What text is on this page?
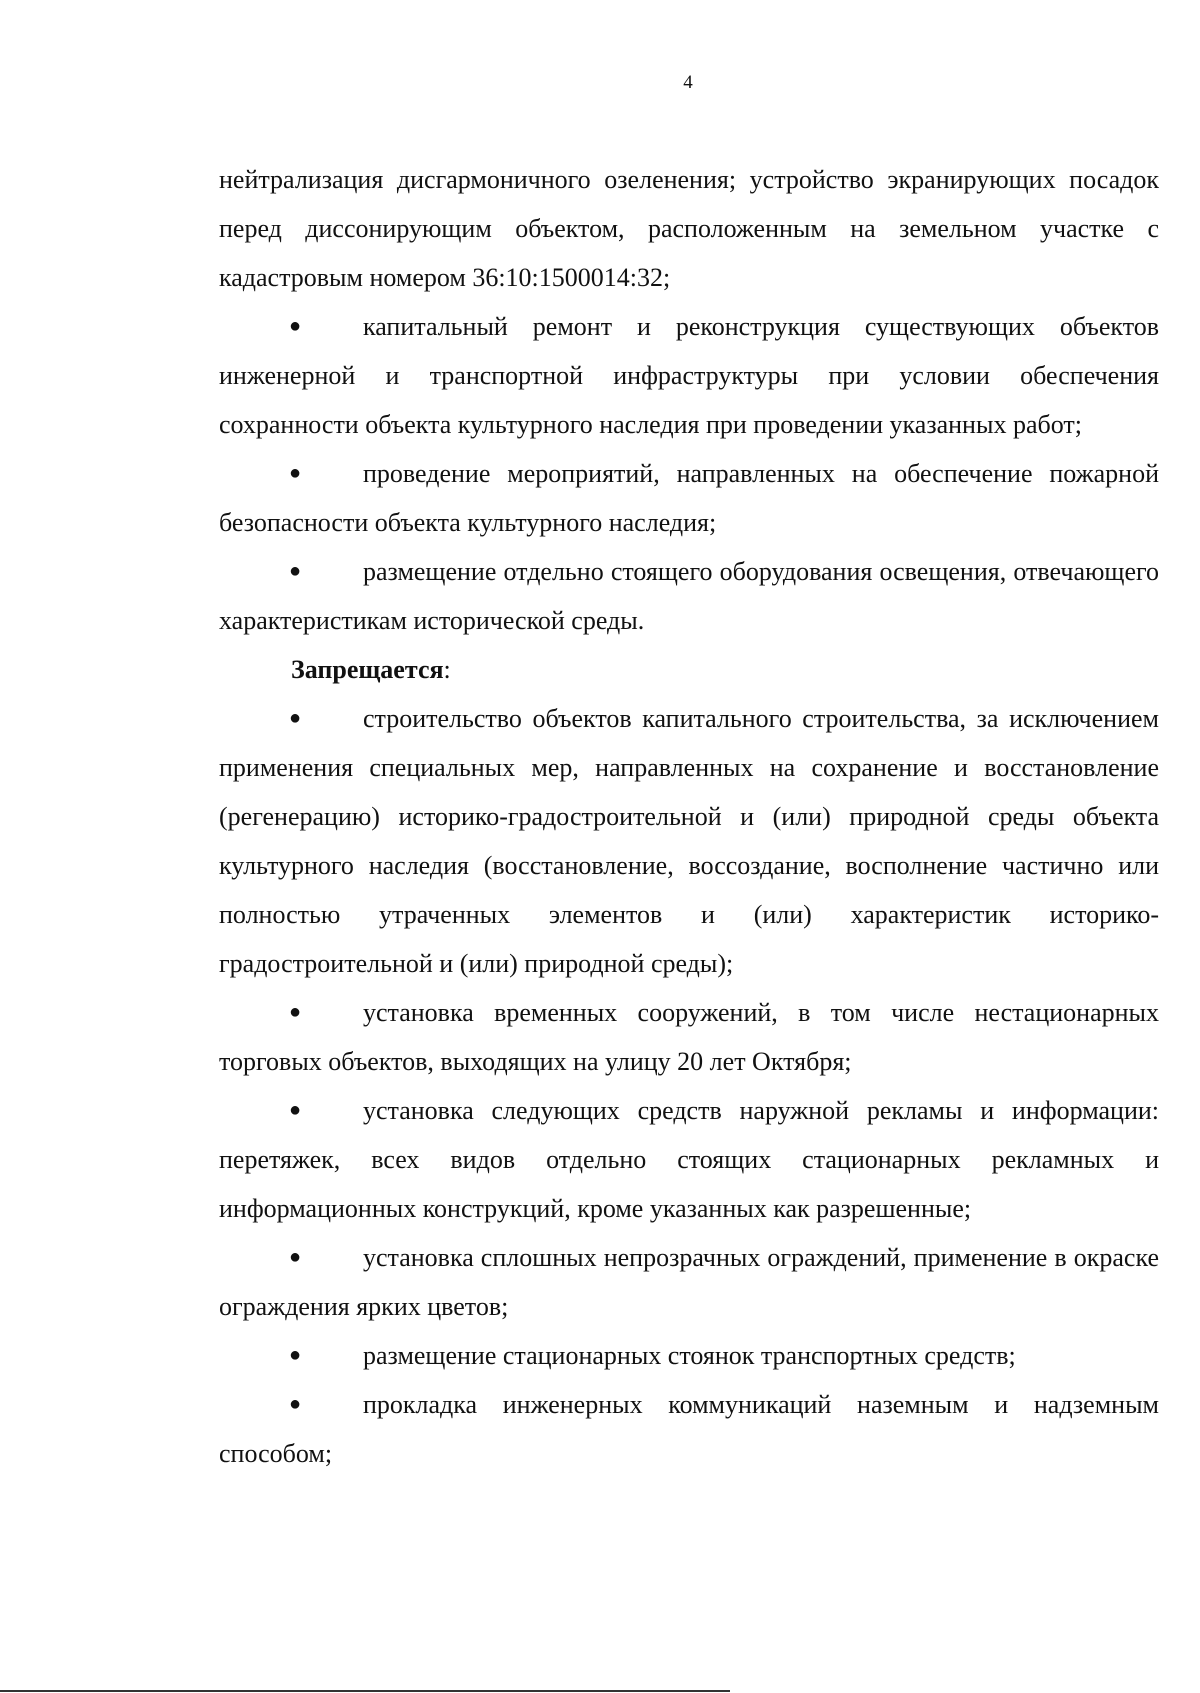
4

нейтрализация дисгармоничного озеленения; устройство экранирующих посадок перед диссонирующим объектом, расположенным на земельном участке с кадастровым номером 36:10:1500014:32;

● капитальный ремонт и реконструкция существующих объектов инженерной и транспортной инфраструктуры при условии обеспечения сохранности объекта культурного наследия при проведении указанных работ;

● проведение мероприятий, направленных на обеспечение пожарной безопасности объекта культурного наследия;

● размещение отдельно стоящего оборудования освещения, отвечающего характеристикам исторической среды.

Запрещается:

● строительство объектов капитального строительства, за исключением применения специальных мер, направленных на сохранение и восстановление (регенерацию) историко-градостроительной и (или) природной среды объекта культурного наследия (восстановление, воссоздание, восполнение частично или полностью утраченных элементов и (или) характеристик историко-градостроительной и (или) природной среды);

● установка временных сооружений, в том числе нестационарных торговых объектов, выходящих на улицу 20 лет Октября;

● установка следующих средств наружной рекламы и информации: перетяжек, всех видов отдельно стоящих стационарных рекламных и информационных конструкций, кроме указанных как разрешенные;

● установка сплошных непрозрачных ограждений, применение в окраске ограждения ярких цветов;

● размещение стационарных стоянок транспортных средств;

● прокладка инженерных коммуникаций наземным и надземным способом;
